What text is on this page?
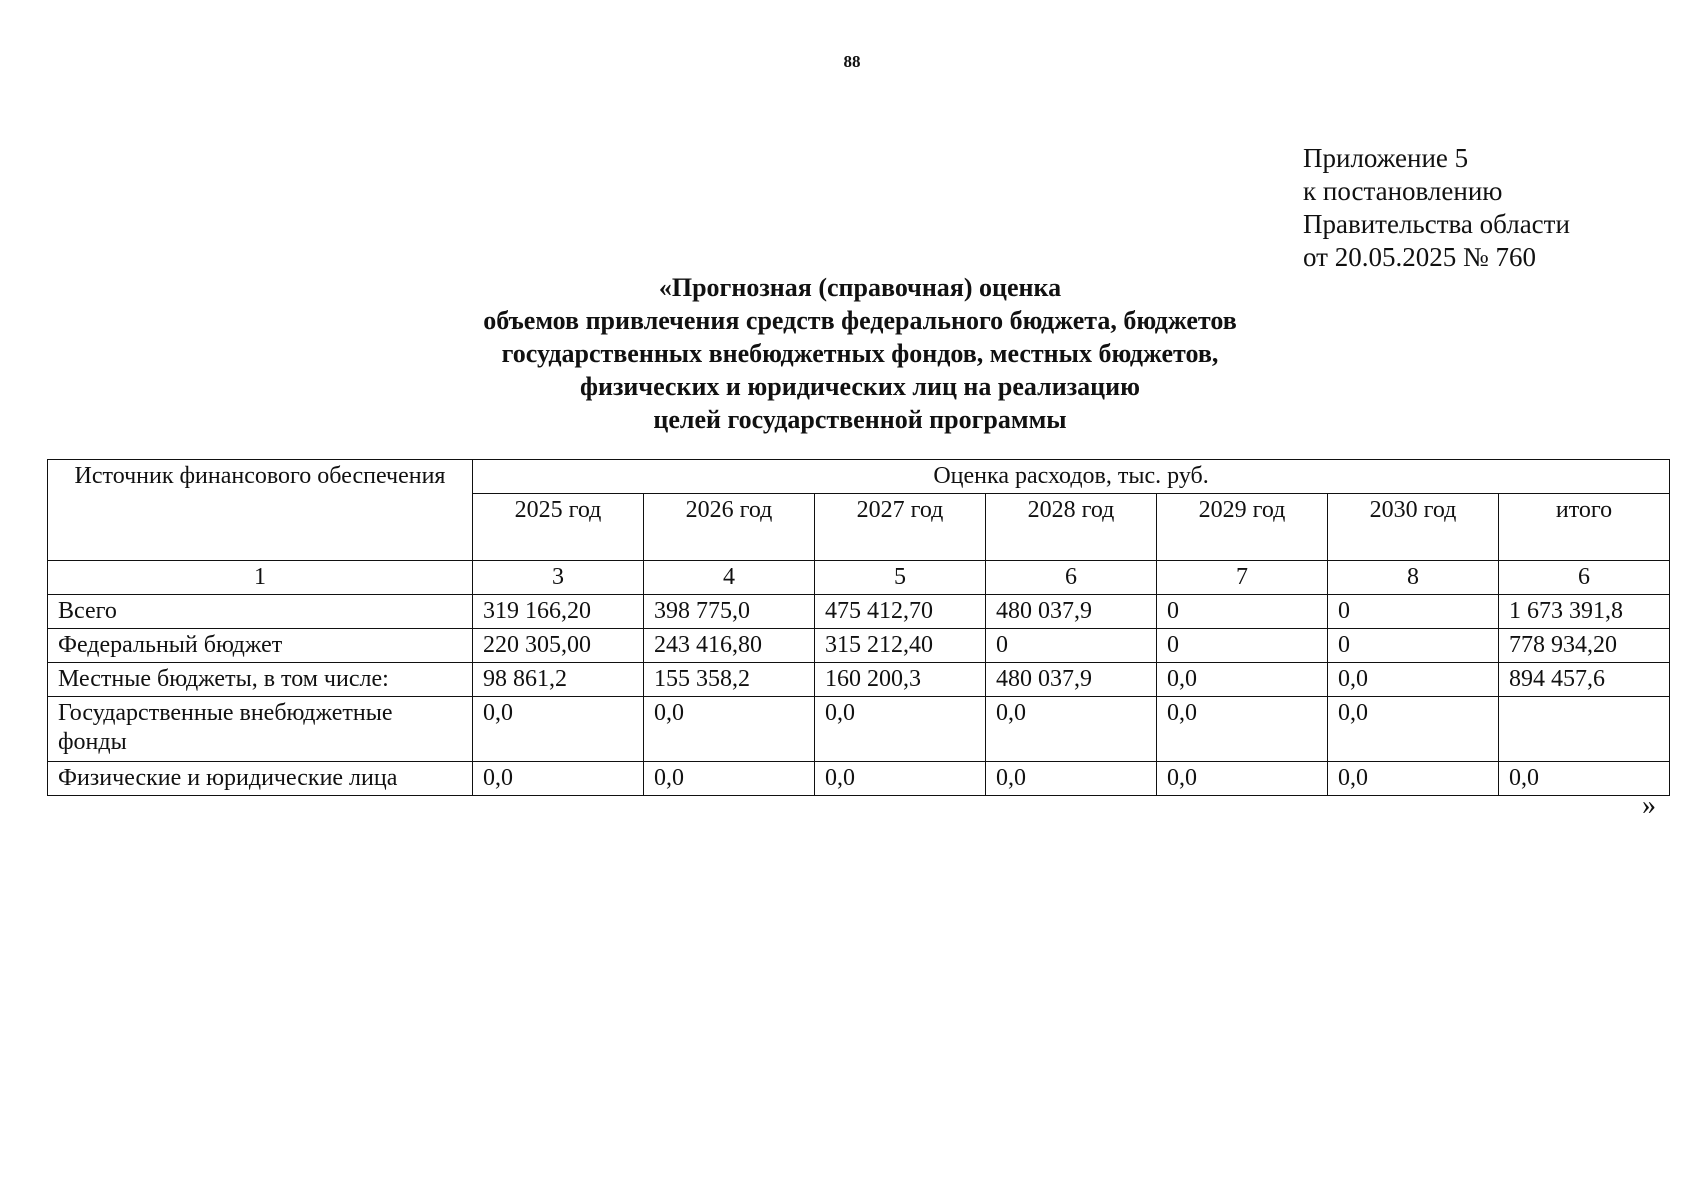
88
Приложение 5
к постановлению
Правительства области
от 20.05.2025 № 760
«Прогнозная (справочная) оценка
объемов привлечения средств федерального бюджета, бюджетов
государственных внебюджетных фондов, местных бюджетов,
физических и юридических лиц на реализацию
целей государственной программы
Источник финансового обеспечения	Оценка расходов, тыс. руб.						
	2025 год	2026 год	2027 год	2028 год	2029 год	2030 год	итого
1	3	4	5	6	7	8	6
Всего	319 166,20	398 775,0	475 412,70	480 037,9	0	0	1 673 391,8
Федеральный бюджет	220 305,00	243 416,80	315 212,40	0	0	0	778 934,20
Местные бюджеты, в том числе:	98 861,2	155 358,2	160 200,3	480 037,9	0,0	0,0	894 457,6
Государственные внебюджетные фонды	0,0	0,0	0,0	0,0	0,0	0,0	
Физические и юридические лица	0,0	0,0	0,0	0,0	0,0	0,0	0,0
»
